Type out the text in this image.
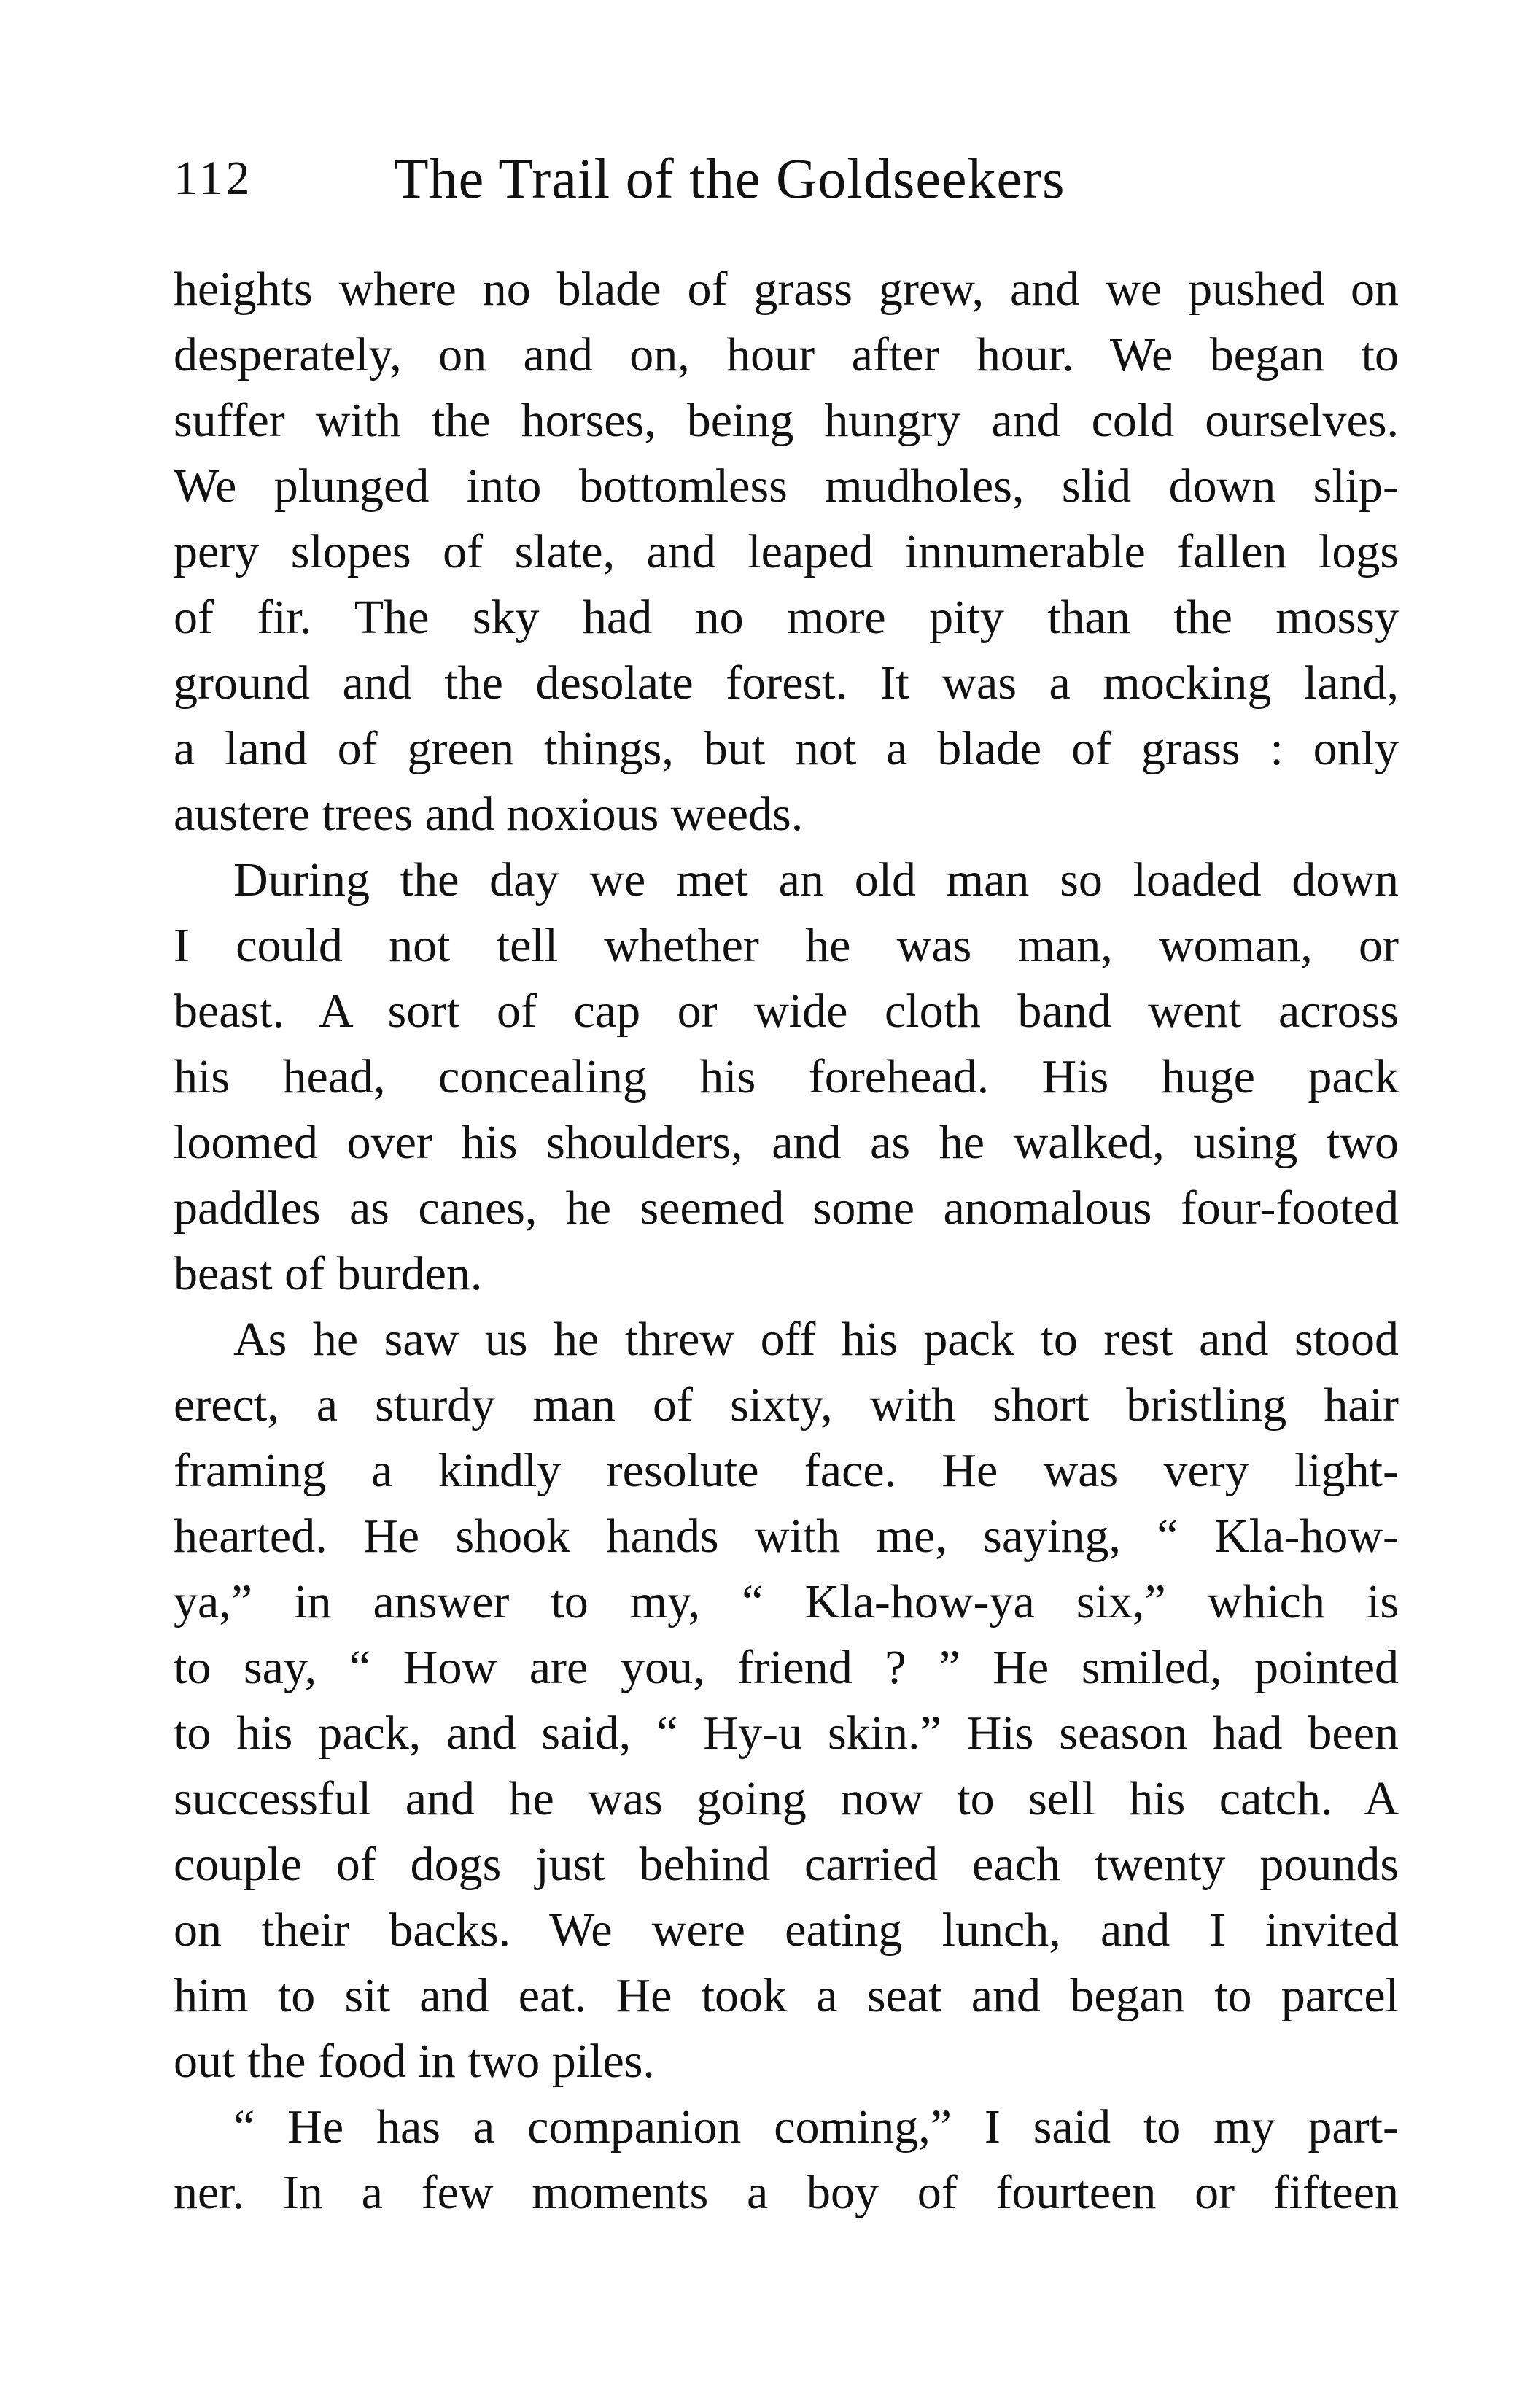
112 The Trail of the Goldseekers
heights where no blade of grass grew, and we pushed on
desperately, on and on, hour after hour. We began to
suffer with the horses, being hungry and cold ourselves.
We plunged into bottomless mudholes, slid down slip-
pery slopes of slate, and leaped innumerable fallen logs
of fir. The sky had no more pity than the mossy
ground and the desolate forest. It was a mocking land,
a land of green things, but not a blade of grass : only
austere trees and noxious weeds.
During the day we met an old man so loaded down
I could not tell whether he was man, woman, or
beast. A sort of cap or wide cloth band went across
his head, concealing his forehead. His huge pack
loomed over his shoulders, and as he walked, using two
paddles as canes, he seemed some anomalous four-footed
beast of burden.
As he saw us he threw off his pack to rest and stood
erect, a sturdy man of sixty, with short bristling hair
framing a kindly resolute face. He was very light-
hearted. He shook hands with me, saying, “ Kla-how-
ya,” in answer to my, “ Kla-how-ya six,” which is
to say, “ How are you, friend ? ” He smiled, pointed
to his pack, and said, “ Hy-u skin.” His season had been
successful and he was going now to sell his catch. A
couple of dogs just behind carried each twenty pounds
on their backs. We were eating lunch, and I invited
him to sit and eat. He took a seat and began to parcel
out the food in two piles.
“ He has a companion coming,” I said to my part-
ner. In a few moments a boy of fourteen or fifteen
